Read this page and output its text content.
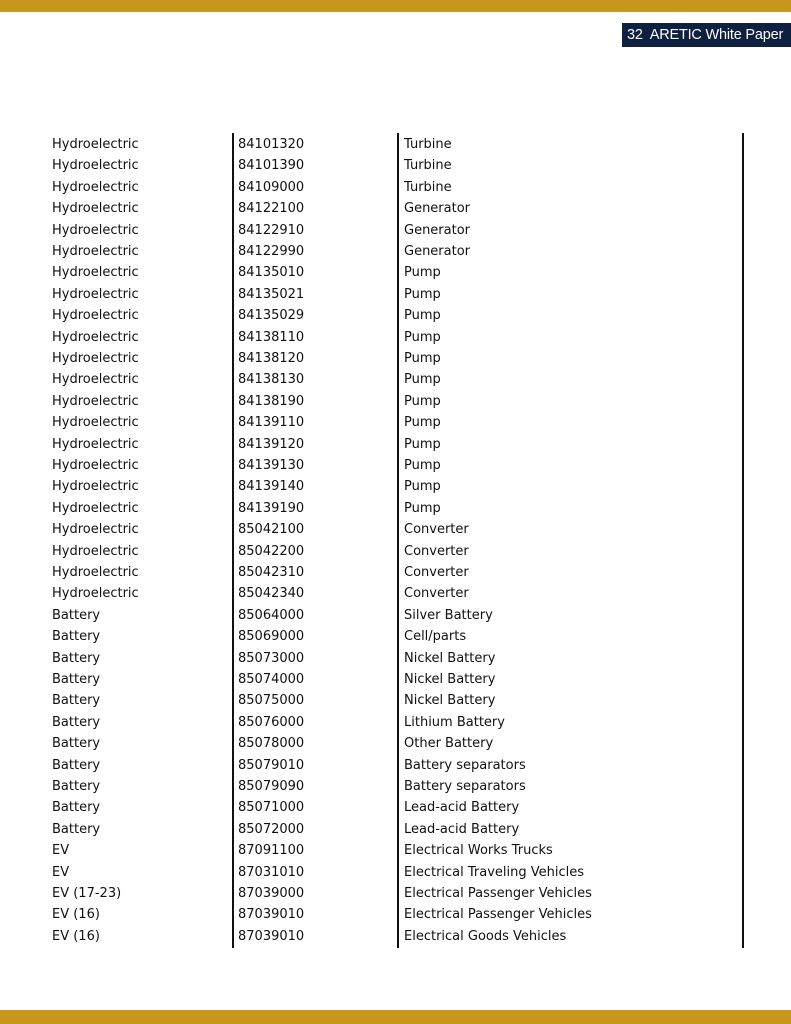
32 ARETIC White Paper
Hydroelectric	84101320	Turbine
Hydroelectric	84101390	Turbine
Hydroelectric	84109000	Turbine
Hydroelectric	84122100	Generator
Hydroelectric	84122910	Generator
Hydroelectric	84122990	Generator
Hydroelectric	84135010	Pump
Hydroelectric	84135021	Pump
Hydroelectric	84135029	Pump
Hydroelectric	84138110	Pump
Hydroelectric	84138120	Pump
Hydroelectric	84138130	Pump
Hydroelectric	84138190	Pump
Hydroelectric	84139110	Pump
Hydroelectric	84139120	Pump
Hydroelectric	84139130	Pump
Hydroelectric	84139140	Pump
Hydroelectric	84139190	Pump
Hydroelectric	85042100	Converter
Hydroelectric	85042200	Converter
Hydroelectric	85042310	Converter
Hydroelectric	85042340	Converter
Battery	85064000	Silver Battery
Battery	85069000	Cell/parts
Battery	85073000	Nickel Battery
Battery	85074000	Nickel Battery
Battery	85075000	Nickel Battery
Battery	85076000	Lithium Battery
Battery	85078000	Other Battery
Battery	85079010	Battery separators
Battery	85079090	Battery separators
Battery	85071000	Lead-acid Battery
Battery	85072000	Lead-acid Battery
EV	87091100	Electrical Works Trucks
EV	87031010	Electrical Traveling Vehicles
EV (17-23)	87039000	Electrical Passenger Vehicles
EV (16)	87039010	Electrical Passenger Vehicles
EV (16)	87039010	Electrical Goods Vehicles
